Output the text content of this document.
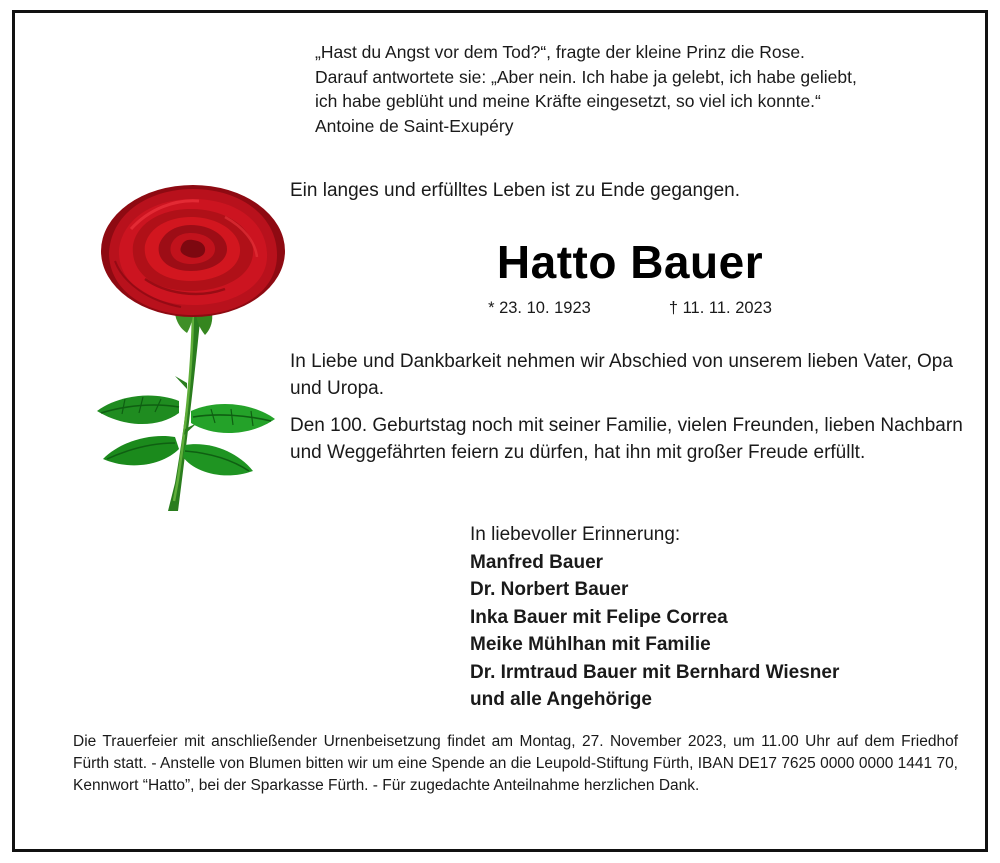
„Hast du Angst vor dem Tod?“, fragte der kleine Prinz die Rose.
Darauf antwortete sie: „Aber nein. Ich habe ja gelebt, ich habe geliebt,
ich habe geblüht und meine Kräfte eingesetzt, so viel ich konnte.“
Antoine de Saint-Exupéry
Ein langes und erfülltes Leben ist zu Ende gegangen.
Hatto Bauer
* 23. 10. 1923	† 11. 11. 2023
In Liebe und Dankbarkeit nehmen wir Abschied von unserem lieben Vater, Opa und Uropa.
Den 100. Geburtstag noch mit seiner Familie, vielen Freunden, lieben Nachbarn und Weggefährten feiern zu dürfen, hat ihn mit großer Freude erfüllt.
In liebevoller Erinnerung:
Manfred Bauer
Dr. Norbert Bauer
Inka Bauer mit Felipe Correa
Meike Mühlhan mit Familie
Dr. Irmtraud Bauer mit Bernhard Wiesner
und alle Angehörige
Die Trauerfeier mit anschließender Urnenbeisetzung findet am Montag, 27. November 2023, um 11.00 Uhr auf dem Friedhof Fürth statt. - Anstelle von Blumen bitten wir um eine Spende an die Leupold-Stiftung Fürth, IBAN DE17 7625 0000 0000 1441 70, Kennwort “Hatto”, bei der Sparkasse Fürth. - Für zugedachte Anteilnahme herzlichen Dank.
